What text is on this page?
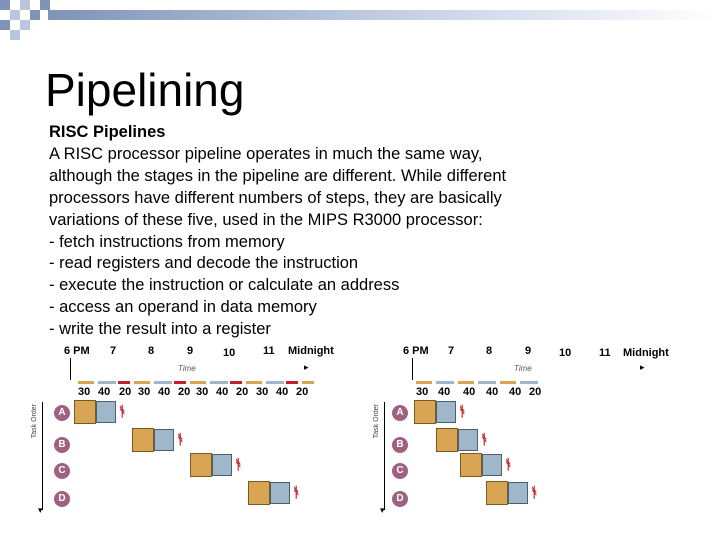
Pipelining
RISC Pipelines
A RISC processor pipeline operates in much the same way,
although the stages in the pipeline are different. While different
processors have different numbers of steps, they are basically
variations of these five, used in the MIPS R3000 processor:
- fetch instructions from memory
- read registers and decode the instruction
- execute the instruction or calculate an address
- access an operand in data memory
- write the result into a register
6 PM 7	8	9	10	11 Midnight
Time	▸
30 40 20 30 40 20 30 40 20 30 40 20
Task Order
▾
A
B
C
D
ᚬ
ᚬ
ᚬ
ᚬ
6 PM 7	8	9	10	11 Midnight
Time	▸
30 40 40 40 40 20
Task Order
▾
A
B
C
D
ᚬ
ᚬ
ᚬ
ᚬ
